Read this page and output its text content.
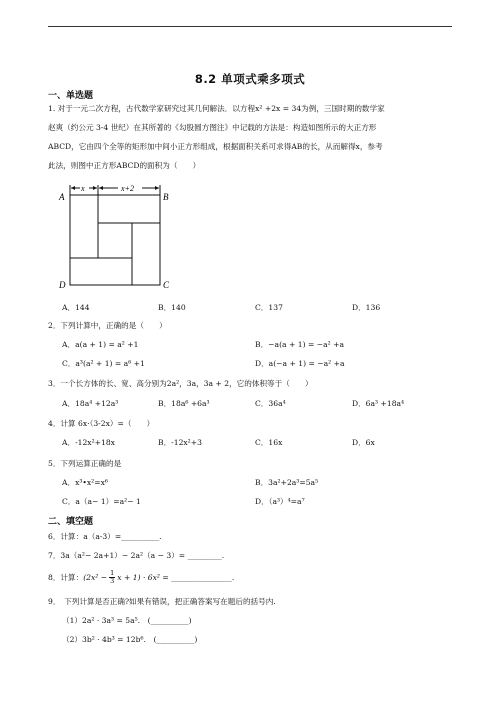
8.2 单项式乘多项式
一、单选题
1. 对于一元二次方程，古代数学家研究过其几何解法．以方程x² +2x = 34为例，三国时期的数学家
赵爽（约公元 3-4 世纪）在其所著的《勾股圆方图注》中记载的方法是：构造如图所示的大正方形
ABCD，它由四个全等的矩形加中间小正方形组成，根据面积关系可求得AB的长，从而解得x，参考
此法，则图中正方形ABCD的面积为（　　）
x	x+2
A	B
C
D
A．144	B．140	C．137	D．136
2．下列计算中，正确的是（　　）
A．a(a + 1) = a² +1	B．−a(a + 1) = −a² +a
C．a³(a² + 1) = a⁶ +1	D．a(−a + 1) = −a² +a
3．一个长方体的长、宽、高分别为2a²，3a，3a + 2，它的体积等于（　　）
A．18a⁴ +12a³	B．18a⁶ +6a³	C．36a⁴	D．6a³ +18a⁴
4．计算 6x·（3-2x）=（　　）
A．-12x²+18x	B．-12x²+3	C．16x	D．6x
5．下列运算正确的是
A．x³•x²=x⁶	B．3a²+2a³=5a⁵
C．a（a− 1）=a²− 1	D．（a³）⁴=a⁷
二、填空题
6．计算：a（a-3）=__________.
7．3a（a²− 2a+1）− 2a²（a − 3）= _________.
8．计算： ($2x^2 - \frac{1}{3}$ x + 1) · 6x² = ________________.
9．　下列计算是否正确?如果有错误，把正确答案写在题后的括号内.
（1）2a² · 3a³ = 5a⁵.　(__________)
（2）3b² · 4b³ = 12b⁶.　(__________)
